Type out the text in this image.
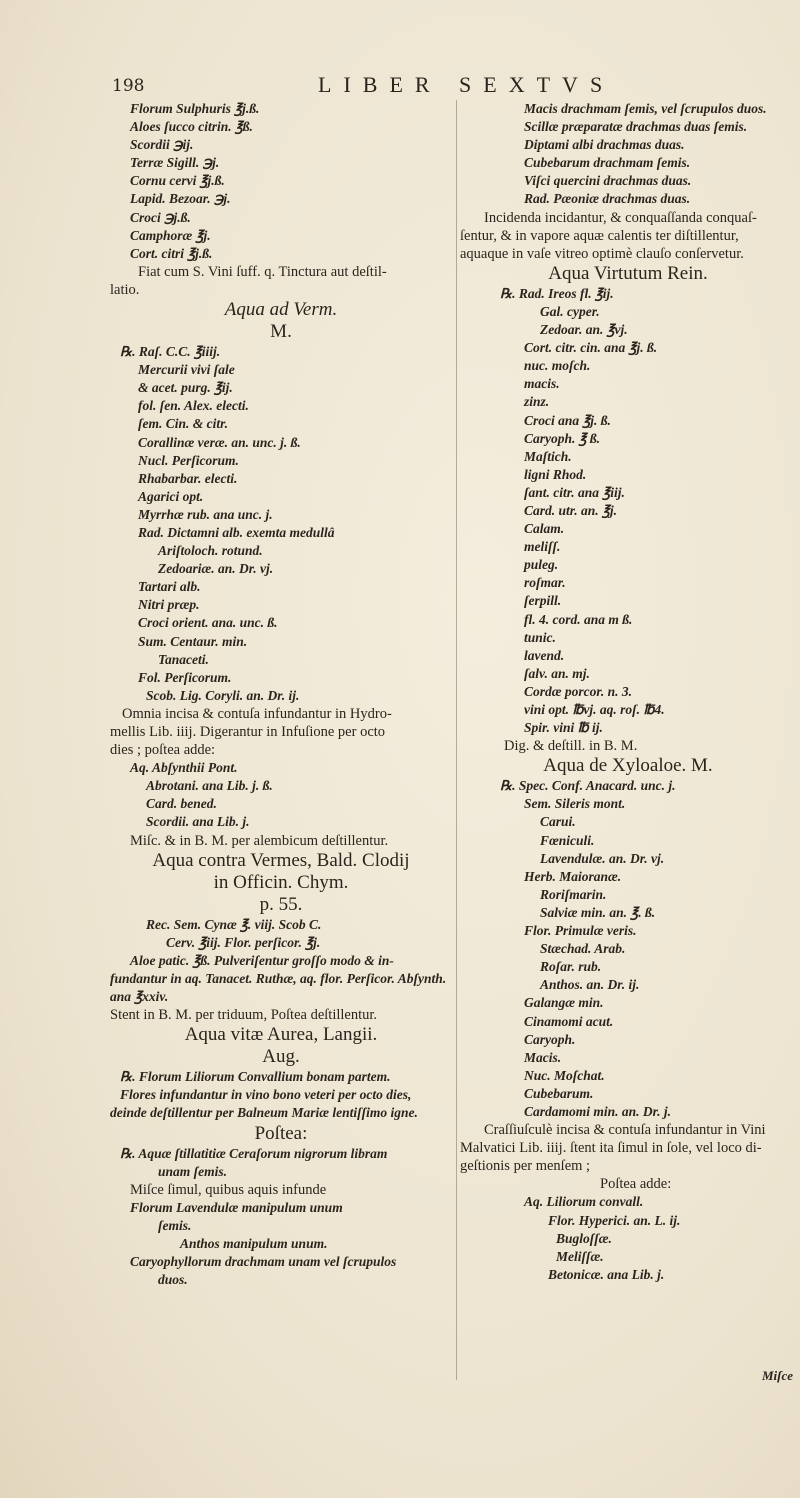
198	LIBER SEXTVS
Florum Sulphuris ℥j.ß.
Aloes ſucco citrin. ℥ß.
Scordii ℈ij.
Terræ Sigill. ℈j.
Cornu cervi ℥j.ß.
Lapid. Bezoar. ℈j.
Croci ℈j.ß.
Camphoræ ℥j.
Cort. citri ℥j.ß.
Fiat cum S. Vini ſuff. q. Tinctura aut deſtil-
latio.
Aqua ad Verm.
M.
℞. Raſ. C.C. ℥iiij.
Mercurii vivi ſale
& acet. purg. ℥ij.
fol. ſen. Alex. electi.
ſem. Cin. & citr.
Corallinæ veræ. an. unc. j. ß.
Nucl. Perſicorum.
Rhabarbar. electi.
Agarici opt.
Myrrhæ rub. ana unc. j.
Rad. Dictamni alb. exemta medullâ
Ariſtoloch. rotund.
Zedoariæ. an. Dr. vj.
Tartari alb.
Nitri præp.
Croci orient. ana. unc. ß.
Sum. Centaur. min.
Tanaceti.
Fol. Perſicorum.
Scob. Lig. Coryli. an. Dr. ij.
Omnia incisa & contuſa infundantur in Hydro-
mellis Lib. iiij. Digerantur in Infuſione per octo
dies ; poſtea adde:
Aq. Abſynthii Pont.
Abrotani. ana Lib. j. ß.
Card. bened.
Scordii. ana Lib. j.
Miſc. & in B. M. per alembicum deſtillentur.
Aqua contra Vermes, Bald. Clodij
in Officin. Chym.
p. 55.
Rec. Sem. Cynæ ℥. viij. Scob C.
Cerv. ℥iij. Flor. perſicor. ℥j.
Aloe patic. ℥ß. Pulveriſentur groſſo modo & in-
fundantur in aq. Tanacet. Ruthæ, aq. flor. Perſicor. Abſynth.
ana ℥xxiv.
Stent in B. M. per triduum, Poſtea deſtillentur.
Aqua vitæ Aurea, Langii.
Aug.
℞. Florum Liliorum Convallium bonam partem.
Flores infundantur in vino bono veteri per octo dies,
deinde deſtillentur per Balneum Mariæ lentiſſimo igne.
Poſtea:
℞. Aquæ ſtillatitiæ Ceraſorum nigrorum libram
unam ſemis.
Miſce ſimul, quibus aquis infunde
Florum Lavendulæ manipulum unum
ſemis.
Anthos manipulum unum.
Caryophyllorum drachmam unam vel ſcrupulos
duos.
Macis drachmam ſemis, vel ſcrupulos duos.
Scillæ præparatæ drachmas duas ſemis.
Diptami albi drachmas duas.
Cubebarum drachmam ſemis.
Viſci quercini drachmas duas.
Rad. Pæoniæ drachmas duas.
Incidenda incidantur, & conquaſſanda conquaſ-
ſentur, & in vapore aquæ calentis ter diſtillentur,
aquaque in vaſe vitreo optimè clauſo conſervetur.
Aqua Virtutum Rein.
℞. Rad. Ireos fl. ℥ij.
Gal. cyper.
Zedoar. an. ℥vj.
Cort. citr. cin. ana ℥j. ß.
nuc. moſch.
macis.
zinz.
Croci ana ℥j. ß.
Caryoph. ℥ ß.
Maſtich.
ligni Rhod.
ſant. citr. ana ℥iij.
Card. utr. an. ℥j.
Calam.
meliſſ.
puleg.
roſmar.
ſerpill.
fl. 4. cord. ana m ß.
tunic.
lavend.
ſalv. an. mj.
Cordæ porcor. n. 3.
vini opt. ℔vj. aq. roſ. ℔4.
Spir. vini ℔ ij.
Dig. & deſtill. in B. M.
Aqua de Xyloaloe. M.
℞. Spec. Conf. Anacard. unc. j.
Sem. Sileris mont.
Carui.
Fœniculi.
Lavendulæ. an. Dr. vj.
Herb. Maioranæ.
Roriſmarin.
Salviæ min. an. ℥. ß.
Flor. Primulæ veris.
Stæchad. Arab.
Roſar. rub.
Anthos. an. Dr. ij.
Galangæ min.
Cinamomi acut.
Caryoph.
Macis.
Nuc. Moſchat.
Cubebarum.
Cardamomi min. an. Dr. j.
Craſſiuſculè incisa & contuſa infundantur in Vini
Malvatici Lib. iiij. ſtent ita ſimul in ſole, vel loco di-
geſtionis per menſem ;
Poſtea adde:
Aq. Liliorum convall.
Flor. Hyperici. an. L. ij.
Bugloſſæ.
Meliſſæ.
Betonicæ. ana Lib. j.
Miſce
